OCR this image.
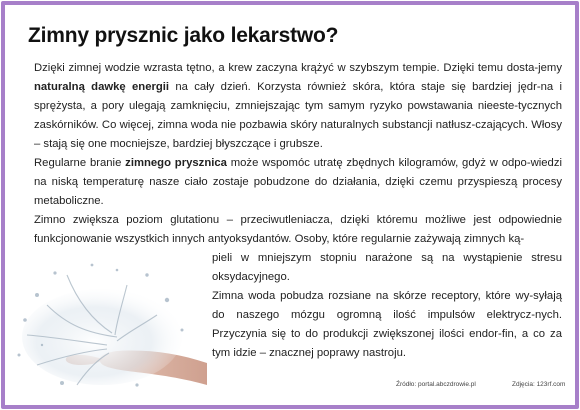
Zimny prysznic jako lekarstwo?

Dzięki zimnej wodzie wzrasta tętno, a krew zaczyna krążyć w szybszym tempie. Dzięki temu dosta-jemy naturalną dawkę energii na cały dzień. Korzysta również skóra, która staje się bardziej jędr-na i sprężysta, a pory ulegają zamknięciu, zmniejszając tym samym ryzyko powstawania nieeste-tycznych zaskórników. Co więcej, zimna woda nie pozbawia skóry naturalnych substancji natłusz-czających. Włosy – stają się one mocniejsze, bardziej błyszczące i grubsze.

Regularne branie zimnego prysznica może wspomóc utratę zbędnych kilogramów, gdyż w odpo-wiedzi na niską temperaturę nasze ciało zostaje pobudzone do działania, dzięki czemu przyspieszą procesy metaboliczne.

Zimno zwiększa poziom glutationu – przeciwutleniacza, dzięki któremu możliwe jest odpowiednie funkcjonowanie wszystkich innych antyoksydantów. Osoby, które regularnie zażywają zimnych ką-

pieli w mniejszym stopniu narażone są na wystąpienie stresu oksydacyjnego.

Zimna woda pobudza rozsiane na skórze receptory, które wy-syłają do naszego mózgu ogromną ilość impulsów elektrycz-nych. Przyczynia się to do produkcji zwiększonej ilości endor-fin, a co za tym idzie – znacznej poprawy nastroju.

Źródło: portal.abczdrowie.pl	Zdjęcia: 123rf.com
